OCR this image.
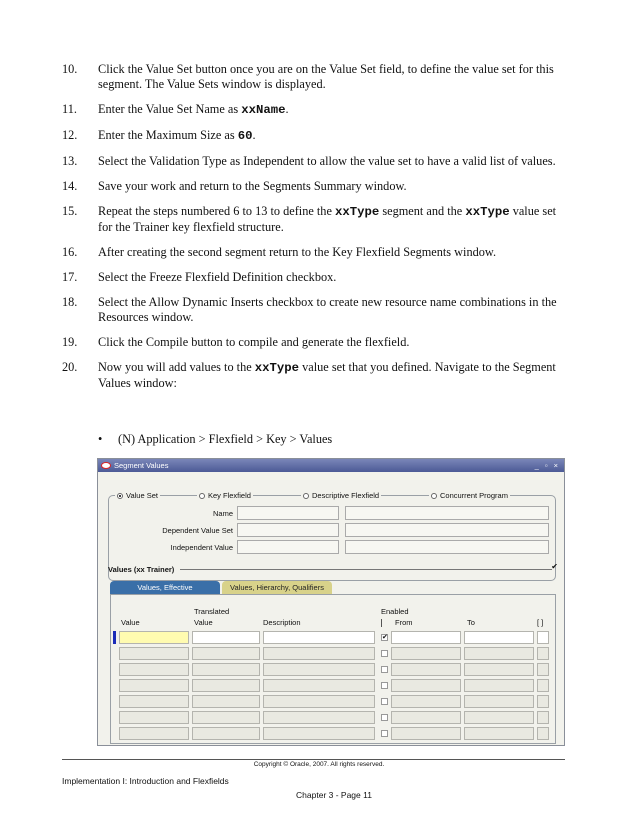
10.	Click the Value Set button once you are on the Value Set field, to define the value set for this segment. The Value Sets window is displayed.
11.	Enter the Value Set Name as xxName.
12.	Enter the Maximum Size as 60.
13.	Select the Validation Type as Independent to allow the value set to have a valid list of values.
14.	Save your work and return to the Segments Summary window.
15.	Repeat the steps numbered 6 to 13 to define the xxType segment and the xxType value set for the Trainer key flexfield structure.
16.	After creating the second segment return to the Key Flexfield Segments window.
17.	Select the Freeze Flexfield Definition checkbox.
18.	Select the Allow Dynamic Inserts checkbox to create new resource name combinations in the Resources window.
19.	Click the Compile button to compile and generate the flexfield.
20.	Now you will add values to the xxType value set that you defined. Navigate to the Segment Values window:
•	(N) Application > Flexfield > Key > Values
Segment Values	_ ▫ ×
Value Set	Key Flexfield	Descriptive Flexfield	Concurrent Program
Name
Dependent Value Set
Independent Value
Values (xx Trainer)	✔
Values, Effective	Values, Hierarchy, Qualifiers
Translated	Enabled
Value	Value	Description	From	To	[ ]
✔
Copyright © Oracle, 2007. All rights reserved.
Implementation I: Introduction and Flexfields
Chapter 3 - Page 11
